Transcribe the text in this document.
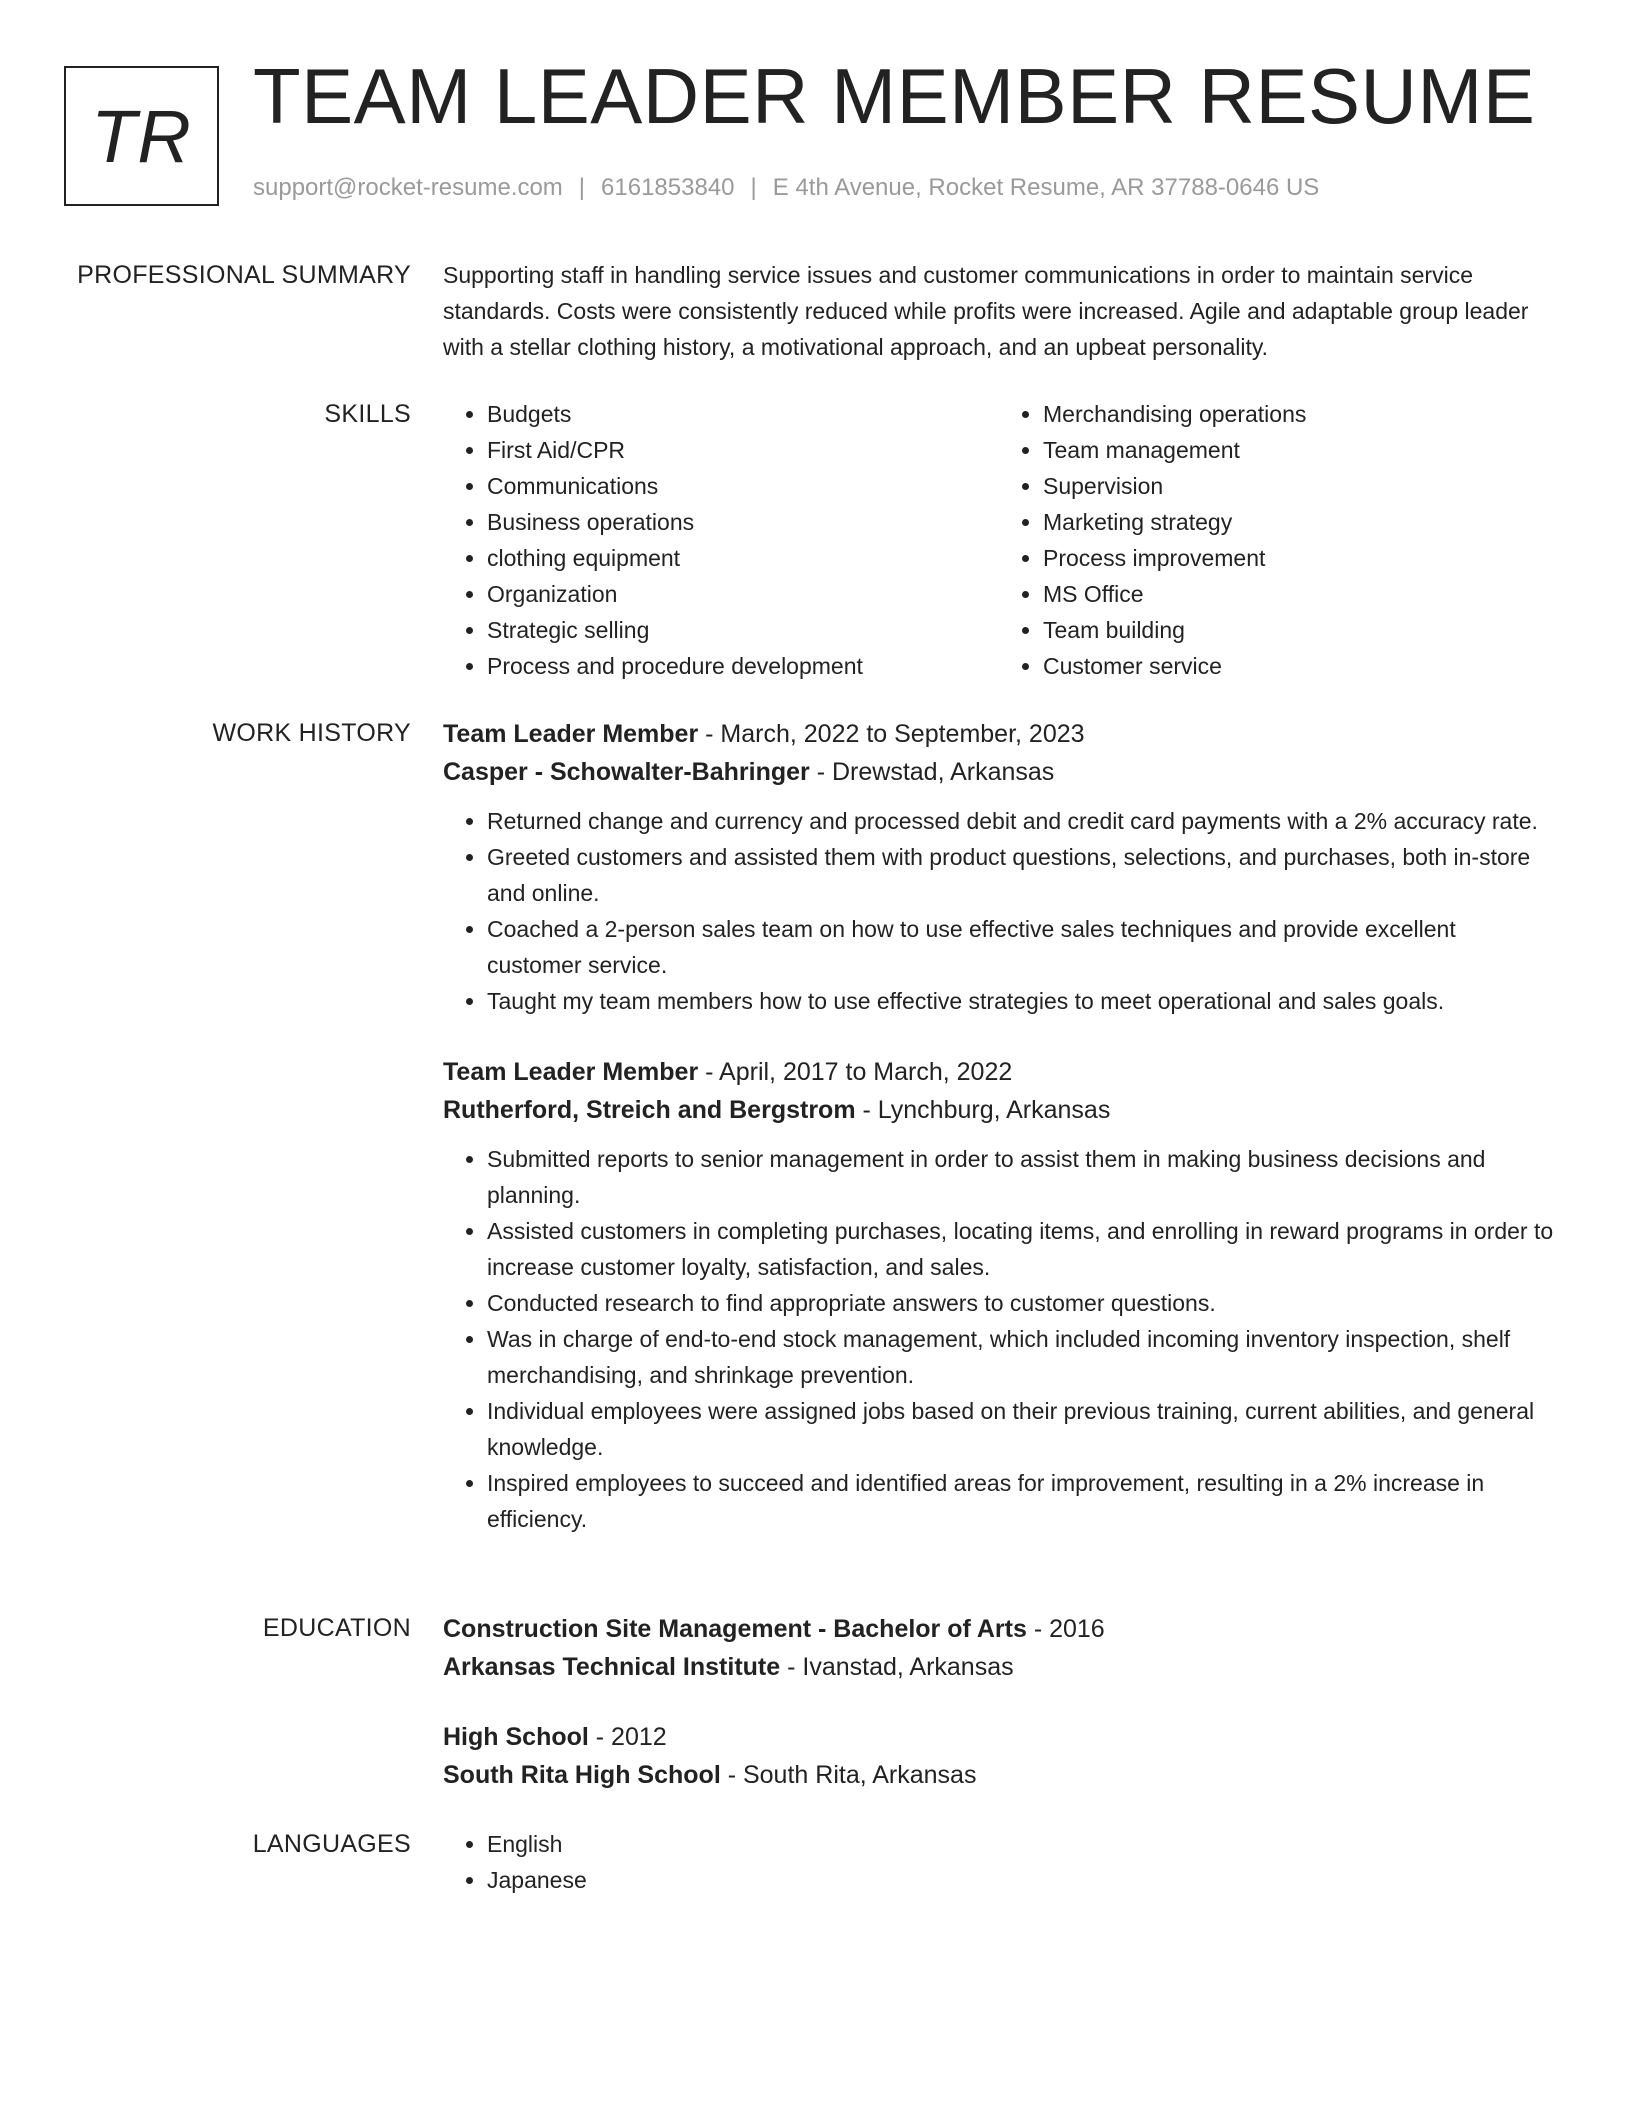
TR TEAM LEADER MEMBER RESUME
support@rocket-resume.com | 6161853840 | E 4th Avenue, Rocket Resume, AR 37788-0646 US
PROFESSIONAL SUMMARY Supporting staff in handling service issues and customer communications in order to maintain service standards. Costs were consistently reduced while profits were increased. Agile and adaptable group leader with a stellar clothing history, a motivational approach, and an upbeat personality.
SKILLS	• Budgets
• First Aid/CPR
• Communications
• Business operations
• clothing equipment
• Organization
• Strategic selling
• Process and procedure development
• Merchandising operations
• Team management
• Supervision
• Marketing strategy
• Process improvement
• MS Office
• Team building
• Customer service
WORK HISTORY Team Leader Member - March, 2022 to September, 2023
Casper - Schowalter-Bahringer - Drewstad, Arkansas
• Returned change and currency and processed debit and credit card payments with a 2% accuracy rate.
• Greeted customers and assisted them with product questions, selections, and purchases, both in-store and online.
• Coached a 2-person sales team on how to use effective sales techniques and provide excellent customer service.
• Taught my team members how to use effective strategies to meet operational and sales goals.
Team Leader Member - April, 2017 to March, 2022
Rutherford, Streich and Bergstrom - Lynchburg, Arkansas
• Submitted reports to senior management in order to assist them in making business decisions and planning.
• Assisted customers in completing purchases, locating items, and enrolling in reward programs in order to increase customer loyalty, satisfaction, and sales.
• Conducted research to find appropriate answers to customer questions.
• Was in charge of end-to-end stock management, which included incoming inventory inspection, shelf merchandising, and shrinkage prevention.
• Individual employees were assigned jobs based on their previous training, current abilities, and general knowledge.
• Inspired employees to succeed and identified areas for improvement, resulting in a 2% increase in efficiency.
EDUCATION Construction Site Management - Bachelor of Arts - 2016
Arkansas Technical Institute - Ivanstad, Arkansas
High School - 2012
South Rita High School - South Rita, Arkansas
LANGUAGES	• English
• Japanese
